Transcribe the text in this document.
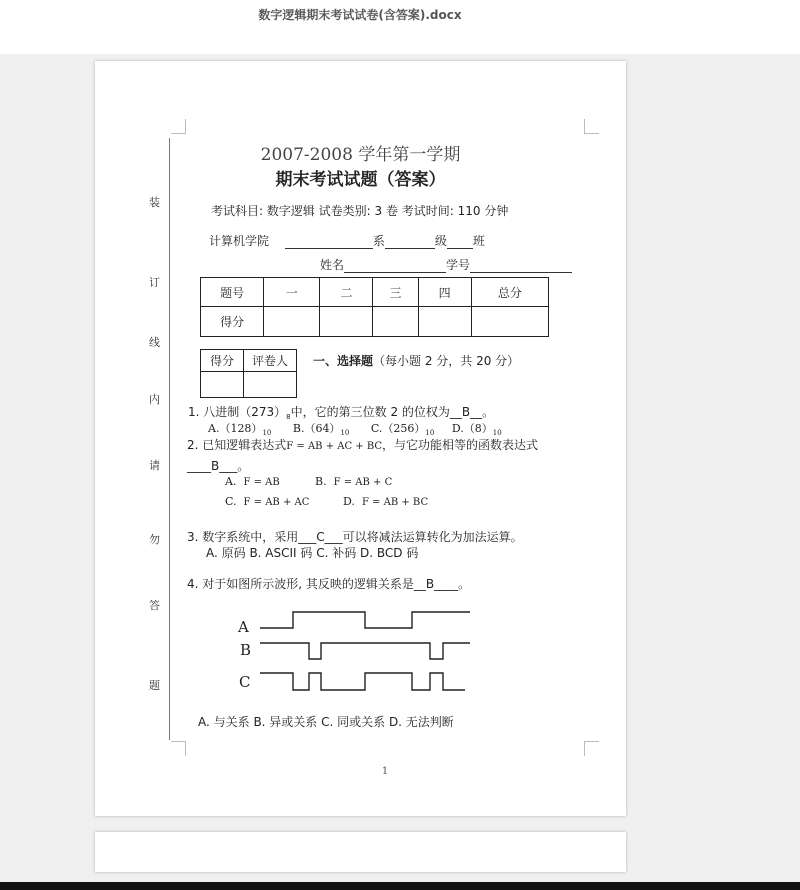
数字逻辑期末考试试卷(含答案).docx
装
订
线
内
请
勿
答
题
2007-2008 学年第一学期
期末考试试题（答案）
考试科目: 数字逻辑 试卷类别: 3 卷 考试时间: 110 分钟
计算机学院	系	级 班
姓名	学号
题号	一	二	三	四	总分
得分					
得分	评卷人
	一、选择题（每小题 2 分，共 20 分）
1. 八进制$(273)_8$中，它的第三位数 2 的位权为__B__。
$A.(128)_{10}$ $B.(64)_{10}$ $C.(256)_{10}$ $D.(8)_{10}$
2. 已知逻辑表达式F = AB + AC + BC，与它功能相等的函数表达式
____B___。
A. F = AB	B. F = AB + C
C. F = AB + AC	D. F = AB + BC
3. 数字系统中，采用___C___可以将减法运算转化为加法运算。
A. 原码 B. ASCII 码 C. 补码 D. BCD 码
4. 对于如图所示波形, 其反映的逻辑关系是__B____。
A
B
C
A. 与关系 B. 异或关系 C. 同或关系 D. 无法判断
1
